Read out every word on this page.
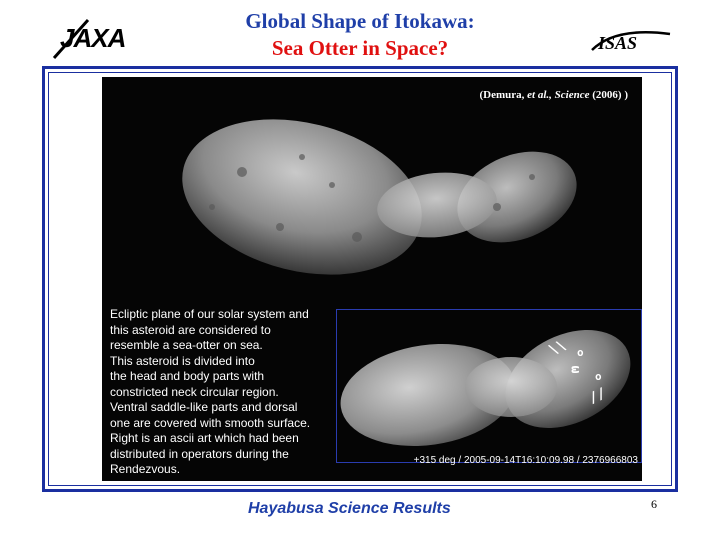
JAXA	ISAS
Global Shape of Itokawa:
Sea Otter in Space?
(Demura, et al., Science (2006) )
\\ o
ω
o
//
Ecliptic plane of our solar system and
this asteroid are considered to
resemble a sea-otter on sea.
This asteroid is divided into
the head and body parts with
constricted neck circular region.
Ventral saddle-like parts and dorsal
one are covered with smooth surface.
Right is an ascii art which had been
distributed in operators during the
Rendezvous.
+315 deg / 2005-09-14T16:10:09.98 / 2376966803
Hayabusa Science Results	6
